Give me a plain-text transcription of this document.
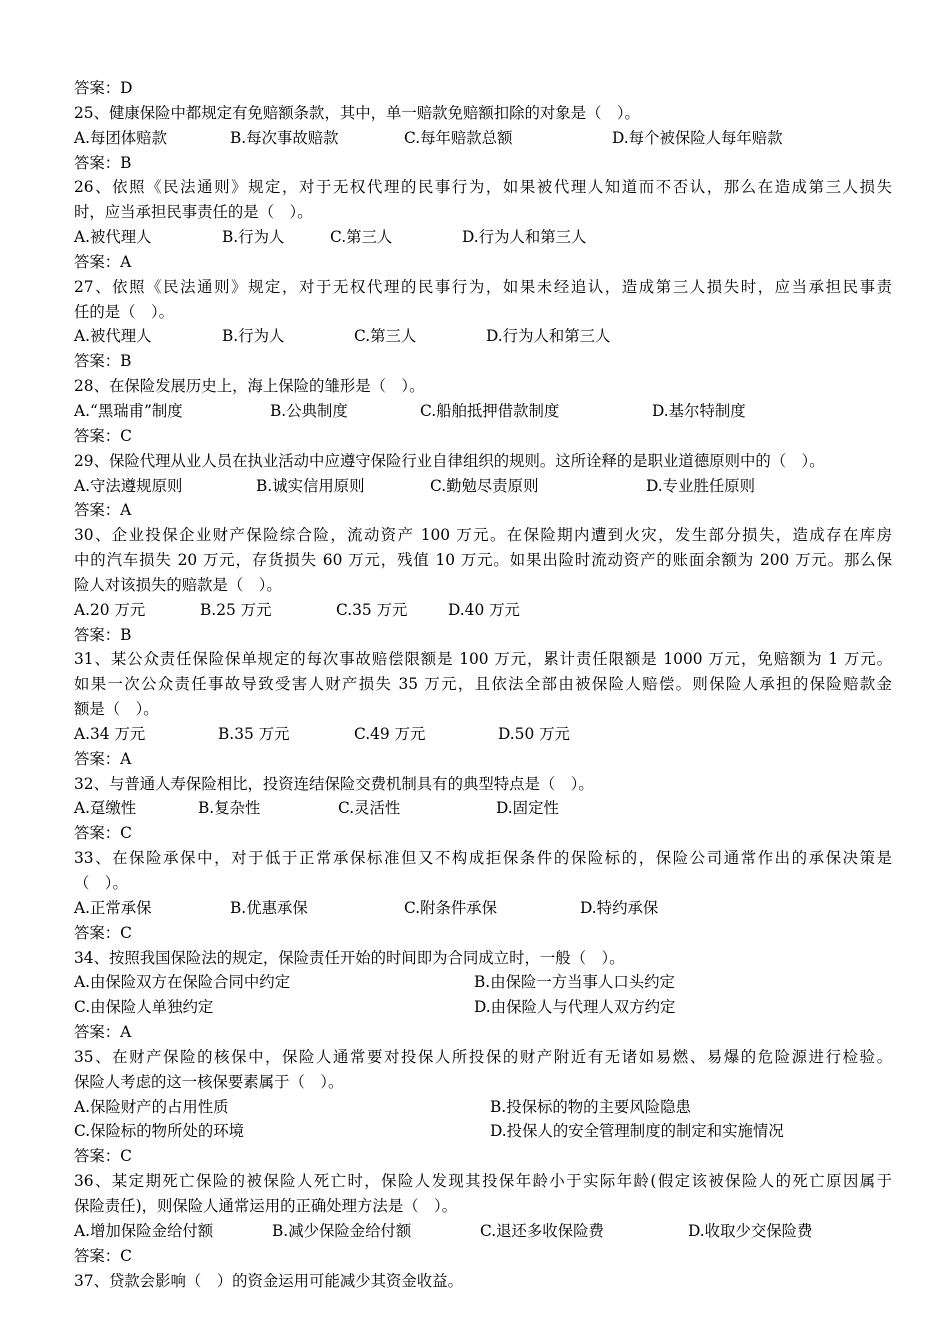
答案：D
25、健康保险中都规定有免赔额条款，其中，单一赔款免赔额扣除的对象是（　）。
A.每团体赔款	B.每次事故赔款	C.每年赔款总额	D.每个被保险人每年赔款
答案：B
26、依照《民法通则》规定，对于无权代理的民事行为，如果被代理人知道而不否认，那么在造成第三人损失
时，应当承担民事责任的是（　）。
A.被代理人	B.行为人	C.第三人	D.行为人和第三人
答案：A
27、依照《民法通则》规定，对于无权代理的民事行为，如果未经追认，造成第三人损失时，应当承担民事责
任的是（　）。
A.被代理人	B.行为人	C.第三人	D.行为人和第三人
答案：B
28、在保险发展历史上，海上保险的雏形是（　）。
A.“黑瑞甫”制度	B.公典制度	C.船舶抵押借款制度	D.基尔特制度
答案：C
29、保险代理从业人员在执业活动中应遵守保险行业自律组织的规则。这所诠释的是职业道德原则中的（　）。
A.守法遵规原则	B.诚实信用原则	C.勤勉尽责原则	D.专业胜任原则
答案：A
30、企业投保企业财产保险综合险，流动资产 100 万元。在保险期内遭到火灾，发生部分损失，造成存在库房
中的汽车损失 20 万元，存货损失 60 万元，残值 10 万元。如果出险时流动资产的账面余额为 200 万元。那么保
险人对该损失的赔款是（　）。
A.20 万元	B.25 万元	C.35 万元	D.40 万元
答案：B
31、某公众责任保险保单规定的每次事故赔偿限额是 100 万元，累计责任限额是 1000 万元，免赔额为 1 万元。
如果一次公众责任事故导致受害人财产损失 35 万元，且依法全部由被保险人赔偿。则保险人承担的保险赔款金
额是（　）。
A.34 万元	B.35 万元	C.49 万元	D.50 万元
答案：A
32、与普通人寿保险相比，投资连结保险交费机制具有的典型特点是（　）。
A.趸缴性	B.复杂性	C.灵活性	D.固定性
答案：C
33、在保险承保中，对于低于正常承保标准但又不构成拒保条件的保险标的，保险公司通常作出的承保决策是
（　）。
A.正常承保	B.优惠承保	C.附条件承保	D.特约承保
答案：C
34、按照我国保险法的规定，保险责任开始的时间即为合同成立时，一般（　）。
A.由保险双方在保险合同中约定	B.由保险一方当事人口头约定
C.由保险人单独约定	D.由保险人与代理人双方约定
答案：A
35、在财产保险的核保中，保险人通常要对投保人所投保的财产附近有无诸如易燃、易爆的危险源进行检验。
保险人考虑的这一核保要素属于（　）。
A.保险财产的占用性质	B.投保标的物的主要风险隐患
C.保险标的物所处的环境	D.投保人的安全管理制度的制定和实施情况
答案：C
36、某定期死亡保险的被保险人死亡时，保险人发现其投保年龄小于实际年龄(假定该被保险人的死亡原因属于
保险责任)，则保险人通常运用的正确处理方法是（　）。
A.增加保险金给付额	B.减少保险金给付额	C.退还多收保险费	D.收取少交保险费
答案：C
37、贷款会影响（　）的资金运用可能减少其资金收益。
